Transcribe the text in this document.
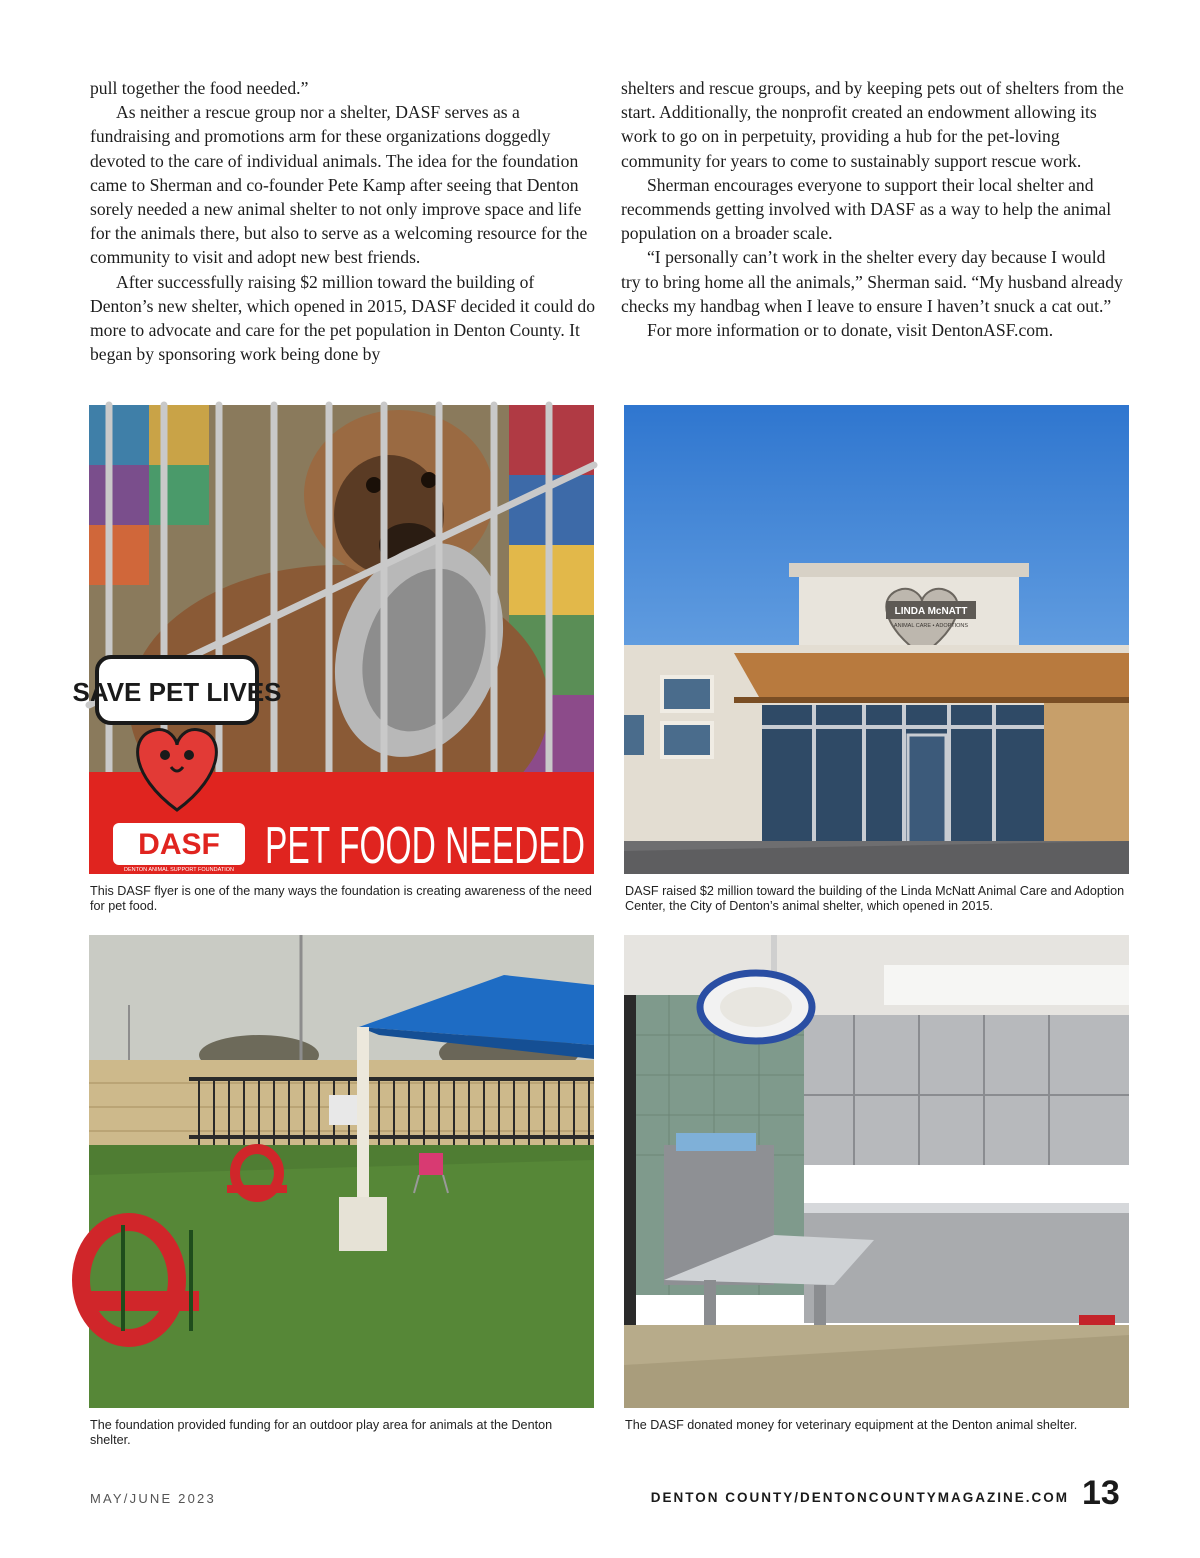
pull together the food needed.”

As neither a rescue group nor a shelter, DASF serves as a fundraising and promotions arm for these organizations doggedly devoted to the care of individual animals. The idea for the foundation came to Sherman and co-founder Pete Kamp after seeing that Denton sorely needed a new animal shelter to not only improve space and life for the animals there, but also to serve as a welcoming resource for the community to visit and adopt new best friends.

After successfully raising $2 million toward the building of Denton’s new shelter, which opened in 2015, DASF decided it could do more to advocate and care for the pet population in Denton County. It began by sponsoring work being done by

shelters and rescue groups, and by keeping pets out of shelters from the start. Additionally, the nonprofit created an endowment allowing its work to go on in perpetuity, providing a hub for the pet-loving community for years to come to sustainably support rescue work.

Sherman encourages everyone to support their local shelter and recommends getting involved with DASF as a way to help the animal population on a broader scale.

“I personally can’t work in the shelter every day because I would try to bring home all the animals,” Sherman said. “My husband already checks my handbag when I leave to ensure I haven’t snuck a cat out.”

For more information or to donate, visit DentonASF.com.

SAVE PET LIVES
DASF
DENTON ANIMAL SUPPORT FOUNDATION PET FOOD NEEDED
This DASF flyer is one of the many ways the foundation is creating awareness of the need for pet food.
LINDA McNATT
ANIMAL CARE • ADOPTIONS
DASF raised $2 million toward the building of the Linda McNatt Animal Care and Adoption Center, the City of Denton’s animal shelter, which opened in 2015.
The foundation provided funding for an outdoor play area for animals at the Denton shelter.
The DASF donated money for veterinary equipment at the Denton animal shelter.
MAY/JUNE 2023	DENTON COUNTY/DENTONCOUNTYMAGAZINE.COM 13
